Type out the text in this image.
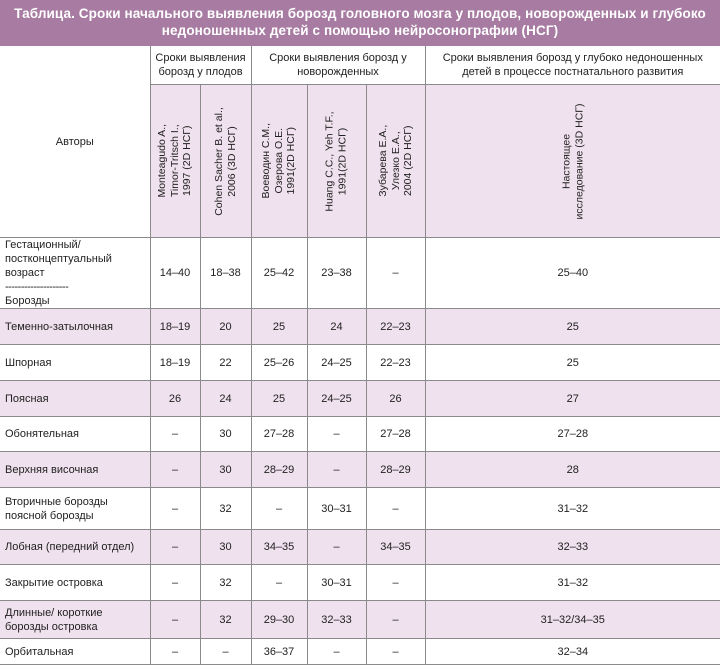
Таблица. Сроки начального выявления борозд головного мозга у плодов, новорожденных и глубоко
недоношенных детей с помощью нейросонографии (НСГ)
Авторы	Сроки выявления борозд у плодов		Сроки выявления борозд у новорожденных			Сроки выявления борозд у глубоко недоношенных детей в процессе постнатального развития

	Monteagudo A.,
Timor-Tritsch I.,
1997 (2D НСГ)	Cohen Sacher B. et al.,
2006 (3D НСГ)	Воеводин С.М.,
Озерова О.Е.
1991(2D НСГ)	Huang C.C., Yeh T.F.,
1991(2D НСГ)	Зубарева Е.А.,
Улезко Е.А.,
2004 (2D НСГ)	Настоящее
исследование (3D НСГ)

Гестационный/
постконцептуальный
возраст
--------------------
Борозды	14–40	18–38	25–42	23–38	–	25–40
Теменно-затылочная	18–19	20	25	24	22–23	25
Шпорная	18–19	22	25–26	24–25	22–23	25
Поясная	26	24	25	24–25	26	27
Обонятельная	–	30	27–28	–	27–28	27–28
Верхняя височная	–	30	28–29	–	28–29	28
Вторичные борозды поясной борозды	–	32	–	30–31	–	31–32
Лобная (передний отдел)	–	30	34–35	–	34–35	32–33
Закрытие островка	–	32	–	30–31	–	31–32
Длинные/ короткие борозды островка	–	32	29–30	32–33	–	31–32/34–35
Орбитальная	–	–	36–37	–	–	32–34
